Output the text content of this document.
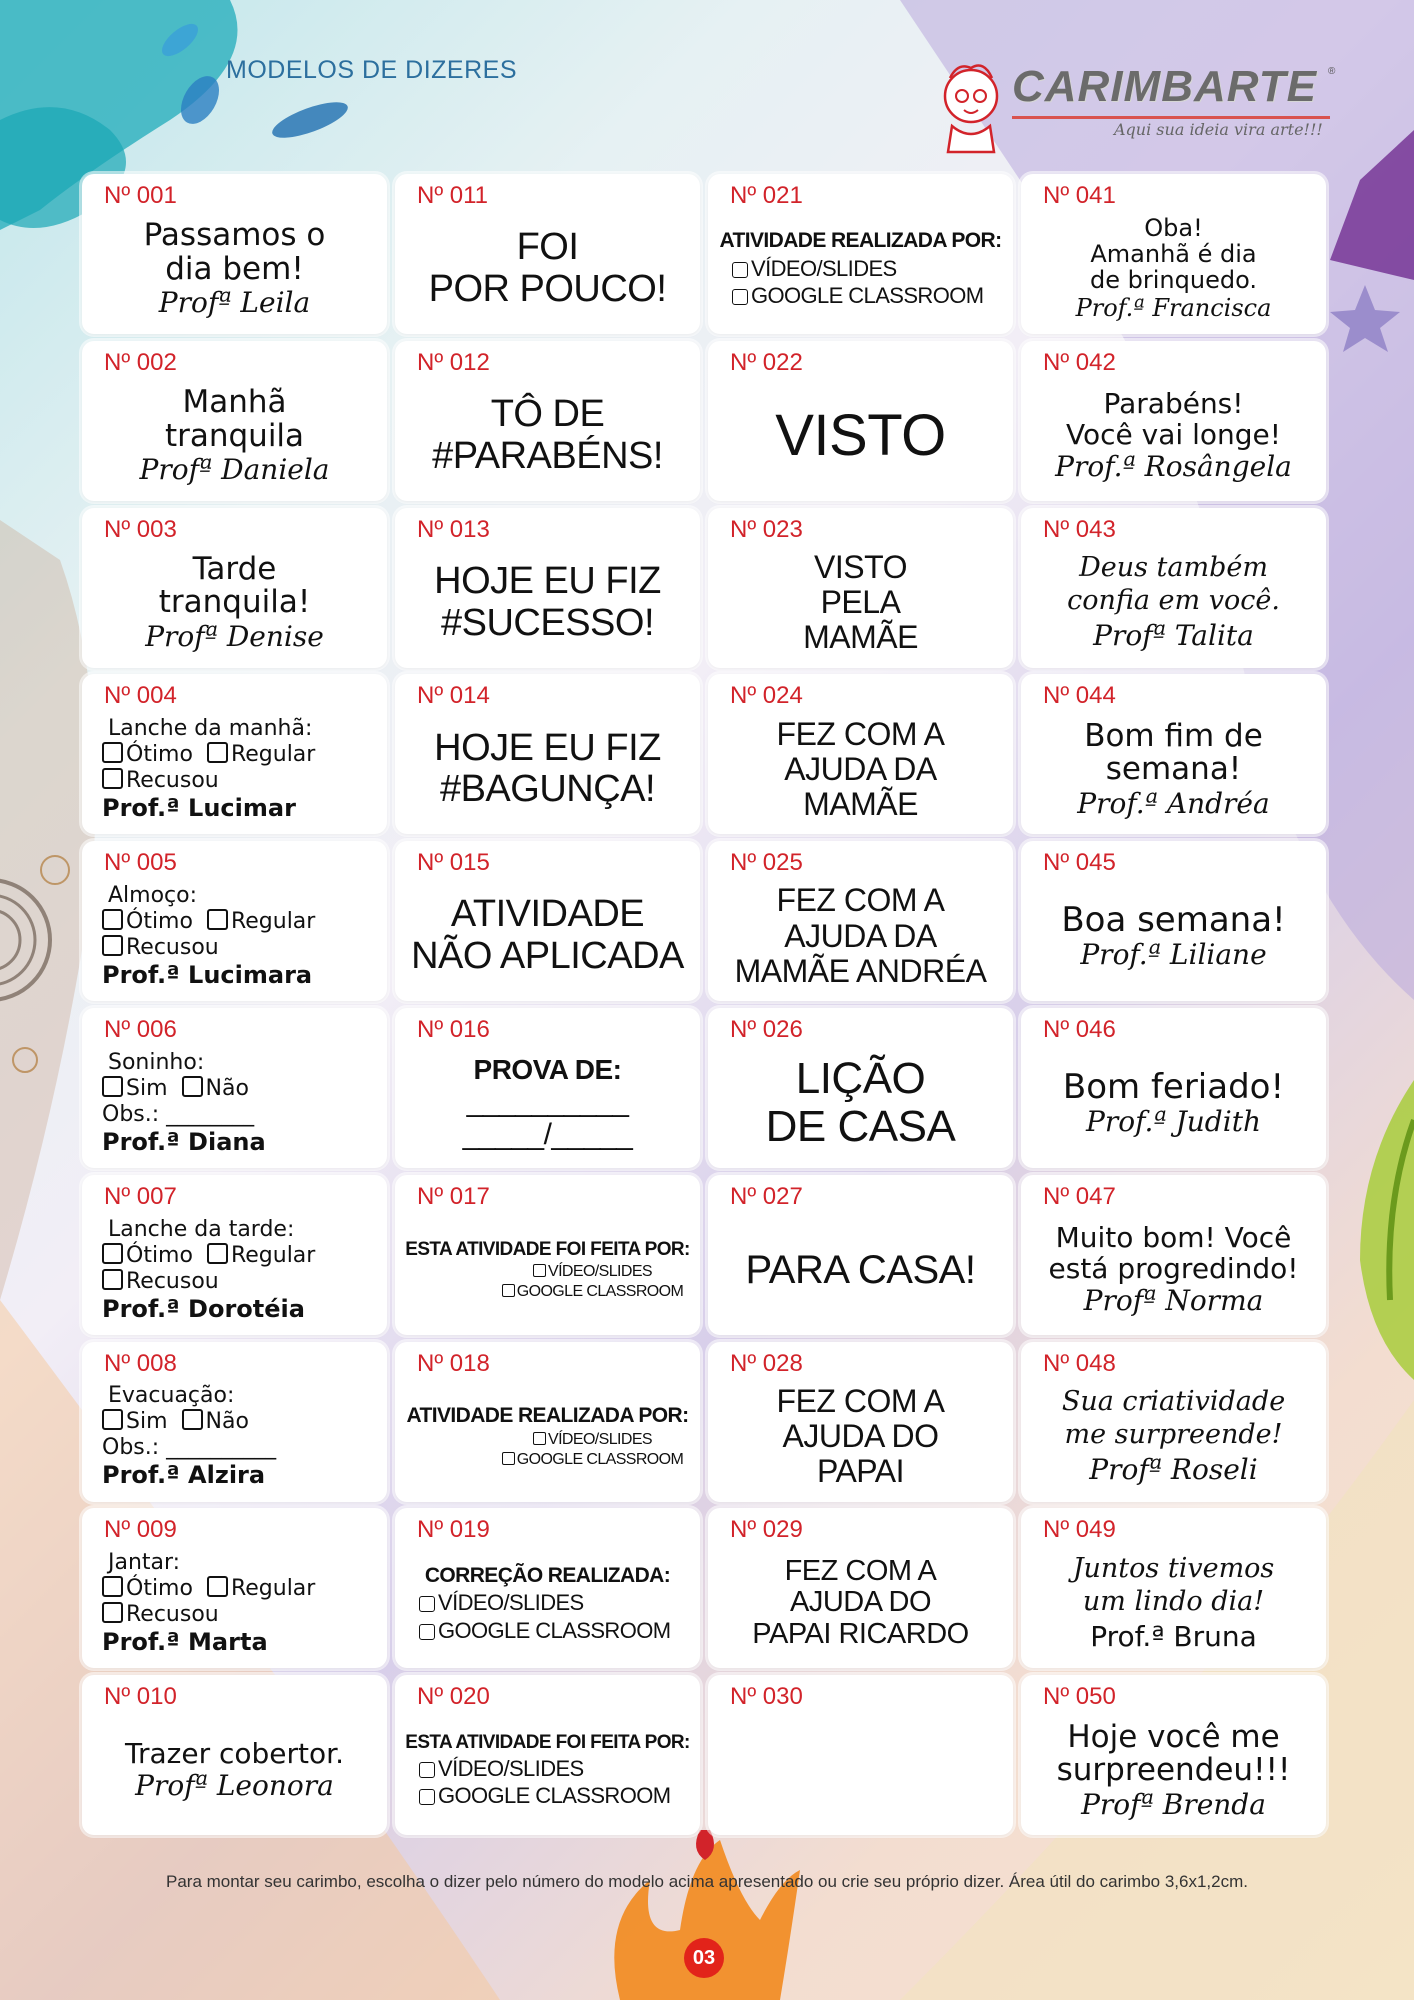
MODELOS DE DIZERES	CARIMBARTE ®
Aqui sua ideia vira arte!!!
Nº 001
Passamos o
dia bem!
Profª Leila
Nº 011
FOI
POR POUCO!
Nº 021
ATIVIDADE REALIZADA POR:
VÍDEO/SLIDES
GOOGLE CLASSROOM
Nº 041
Oba!
Amanhã é dia
de brinquedo.
Prof.ª Francisca
Nº 002
Manhã
tranquila
Profª Daniela
Nº 012
TÔ DE
#PARABÉNS!
Nº 022
VISTO
Nº 042
Parabéns!
Você vai longe!
Prof.ª Rosângela
Nº 003
Tarde
tranquila!
Profª Denise
Nº 013
HOJE EU FIZ
#SUCESSO!
Nº 023
VISTO
PELA
MAMÃE
Nº 043
Deus também
confia em você.
Profª Talita
Nº 004
Lanche da manhã:
Ótimo Regular
Recusou
Prof.ª Lucimar
Nº 014
HOJE EU FIZ
#BAGUNÇA!
Nº 024
FEZ COM A
AJUDA DA
MAMÃE
Nº 044
Bom fim de
semana!
Prof.ª Andréa
Nº 005
Almoço:
Ótimo Regular
Recusou
Prof.ª Lucimara
Nº 015
ATIVIDADE
NÃO APLICADA
Nº 025
FEZ COM A
AJUDA DA
MAMÃE ANDRÉA
Nº 045
Boa semana!
Prof.ª Liliane
Nº 006
Soninho:
Sim Não
Obs.: ________
Prof.ª Diana
Nº 016
PROVA DE:
__________
_____/_____
Nº 026
LIÇÃO
DE CASA
Nº 046
Bom feriado!
Prof.ª Judith
Nº 007
Lanche da tarde:
Ótimo Regular
Recusou
Prof.ª Dorotéia
Nº 017
ESTA ATIVIDADE FOI FEITA POR:
VÍDEO/SLIDES
GOOGLE CLASSROOM
Nº 027
PARA CASA!
Nº 047
Muito bom! Você
está progredindo!
Profª Norma
Nº 008
Evacuação:
Sim Não
Obs.: __________
Prof.ª Alzira
Nº 018
ATIVIDADE REALIZADA POR:
VÍDEO/SLIDES
GOOGLE CLASSROOM
Nº 028
FEZ COM A
AJUDA DO
PAPAI
Nº 048
Sua criatividade
me surpreende!
Profª Roseli
Nº 009
Jantar:
Ótimo Regular
Recusou
Prof.ª Marta
Nº 019
CORREÇÃO REALIZADA:
VÍDEO/SLIDES
GOOGLE CLASSROOM
Nº 029
FEZ COM A
AJUDA DO
PAPAI RICARDO
Nº 049
Juntos tivemos
um lindo dia!
Prof.ª Bruna
Nº 010
Trazer cobertor.
Profª Leonora
Nº 020
ESTA ATIVIDADE FOI FEITA POR:
VÍDEO/SLIDES
GOOGLE CLASSROOM
Nº 030	Nº 050
Hoje você me
surpreendeu!!!
Profª Brenda
Para montar seu carimbo, escolha o dizer pelo número do modelo acima apresentado ou crie seu próprio dizer. Área útil do carimbo 3,6x1,2cm.
03
